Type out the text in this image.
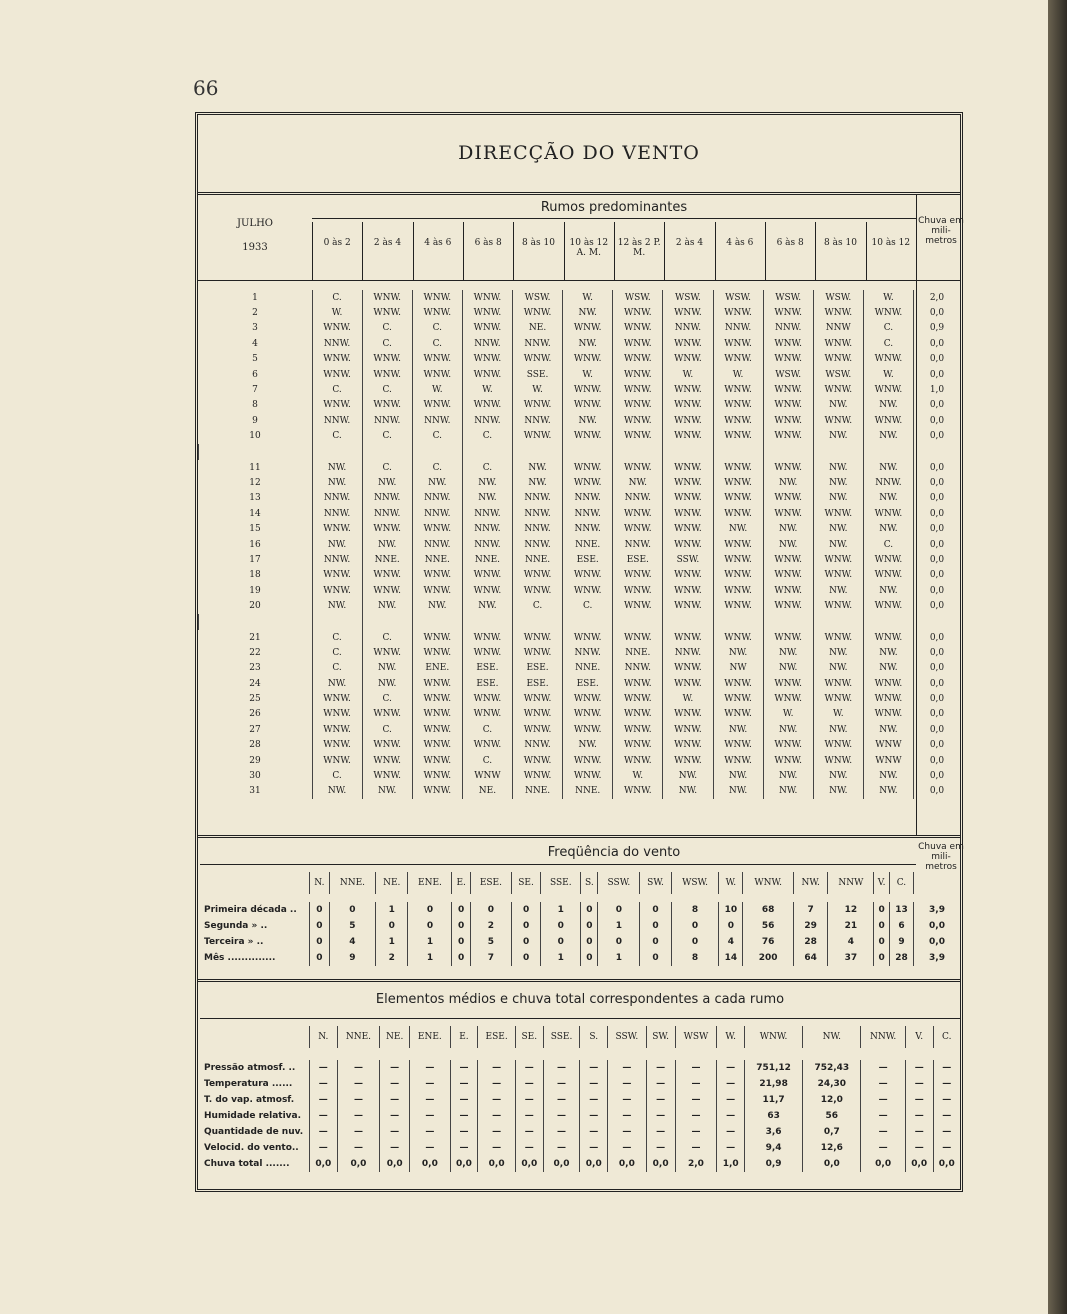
66
DIRECÇÃO DO VENTO
JULHO
1933
Rumos predominantes
Chuva em mili- metros
0 às 2	2 às 4	4 às 6	6 às 8	8 às 10	10 às 12 A. M.
12 às 2 P. M.
2 às 4	4 às 6	6 às 8	8 às 10	10 às 12
1	C.	WNW.	WNW.	WNW.	WSW.	W.	WSW.	WSW.	WSW.	WSW.	WSW.	W.	2,0
2	W.	WNW.	WNW.	WNW.	WNW.	NW.	WNW.	WNW.	WNW.	WNW.	WNW.	WNW.	0,0
3	WNW.	C.	C.	WNW.	NE.	WNW.	WNW.	NNW.	NNW.	NNW.	NNW	C.	0,9
4	NNW.	C.	C.	NNW.	NNW.	NW.	WNW.	WNW.	WNW.	WNW.	WNW.	C.	0,0
5	WNW.	WNW.	WNW.	WNW.	WNW.	WNW.	WNW.	WNW.	WNW.	WNW.	WNW.	WNW.	0,0
6	WNW.	WNW.	WNW.	WNW.	SSE.	W.	WNW.	W.	W.	WSW.	WSW.	W.	0,0
7	C.	C.	W.	W.	W.	WNW.	WNW.	WNW.	WNW.	WNW.	WNW.	WNW.	1,0
8	WNW.	WNW.	WNW.	WNW.	WNW.	WNW.	WNW.	WNW.	WNW.	WNW.	NW.	NW.	0,0
9	NNW.	NNW.	NNW.	NNW.	NNW.	NW.	WNW.	WNW.	WNW.	WNW.	WNW.	WNW.	0,0
10	C.	C.	C.	C.	WNW.	WNW.	WNW.	WNW.	WNW.	WNW.	NW.	NW.	0,0

11	NW.	C.	C.	C.	NW.	WNW.	WNW.	WNW.	WNW.	WNW.	NW.	NW.	0,0
12	NW.	NW.	NW.	NW.	NW.	WNW.	NW.	WNW.	WNW.	NW.	NW.	NNW.	0,0
13	NNW.	NNW.	NNW.	NW.	NNW.	NNW.	NNW.	WNW.	WNW.	WNW.	NW.	NW.	0,0
14	NNW.	NNW.	NNW.	NNW.	NNW.	NNW.	WNW.	WNW.	WNW.	WNW.	WNW.	WNW.	0,0
15	WNW.	WNW.	WNW.	NNW.	NNW.	NNW.	WNW.	WNW.	NW.	NW.	NW.	NW.	0,0
16	NW.	NW.	NNW.	NNW.	NNW.	NNE.	NNW.	WNW.	WNW.	NW.	NW.	C.	0,0
17	NNW.	NNE.	NNE.	NNE.	NNE.	ESE.	ESE.	SSW.	WNW.	WNW.	WNW.	WNW.	0,0
18	WNW.	WNW.	WNW.	WNW.	WNW.	WNW.	WNW.	WNW.	WNW.	WNW.	WNW.	WNW.	0,0
19	WNW.	WNW.	WNW.	WNW.	WNW.	WNW.	WNW.	WNW.	WNW.	WNW.	NW.	NW.	0,0
20	NW.	NW.	NW.	NW.	C.	C.	WNW.	WNW.	WNW.	WNW.	WNW.	WNW.	0,0

21	C.	C.	WNW.	WNW.	WNW.	WNW.	WNW.	WNW.	WNW.	WNW.	WNW.	WNW.	0,0
22	C.	WNW.	WNW.	WNW.	WNW.	NNW.	NNE.	NNW.	NW.	NW.	NW.	NW.	0,0
23	C.	NW.	ENE.	ESE.	ESE.	NNE.	NNW.	WNW.	NW	NW.	NW.	NW.	0,0
24	NW.	NW.	WNW.	ESE.	ESE.	ESE.	WNW.	WNW.	WNW.	WNW.	WNW.	WNW.	0,0
25	WNW.	C.	WNW.	WNW.	WNW.	WNW.	WNW.	W.	WNW.	WNW.	WNW.	WNW.	0,0
26	WNW.	WNW.	WNW.	WNW.	WNW.	WNW.	WNW.	WNW.	WNW.	W.	W.	WNW.	0,0
27	WNW.	C.	WNW.	C.	WNW.	WNW.	WNW.	WNW.	NW.	NW.	NW.	NW.	0,0
28	WNW.	WNW.	WNW.	WNW.	NNW.	NW.	WNW.	WNW.	WNW.	WNW.	WNW.	WNW	0,0
29	WNW.	WNW.	WNW.	C.	WNW.	WNW.	WNW.	WNW.	WNW.	WNW.	WNW.	WNW	0,0
30	C.	WNW.	WNW.	WNW	WNW.	WNW.	W.	NW.	NW.	NW.	NW.	NW.	0,0
31	NW.	NW.	WNW.	NE.	NNE.	NNE.	WNW.	NW.	NW.	NW.	NW.	NW.	0,0
Freqüência do vento	Chuva em mili- metros
	N.	NNE.	NE.	ENE.	E.	ESE.	SE.	SSE.	S.	SSW.	SW.	WSW.	W.	WNW.	NW.	NNW	V.	C.	

Primeira década ..	0	0	1	0	0	0	0	1	0	0	0	8	10	68	7	12	0	13	3,9
Segunda » ..	0	5	0	0	0	2	0	0	0	1	0	0	0	56	29	21	0	6	0,0
Terceira » ..	0	4	1	1	0	5	0	0	0	0	0	0	4	76	28	4	0	9	0,0
Mês ..............	0	9	2	1	0	7	0	1	0	1	0	8	14	200	64	37	0	28	3,9
Elementos médios e chuva total correspondentes a cada rumo
	N.	NNE.	NE.	ENE.	E.	ESE.	SE.	SSE.	S.	SSW.	SW.	WSW	W.	WNW.	NW.	NNW.	V.	C.

Pressão atmosf. ..	—	—	—	—	—	—	—	—	—	—	—	—	—	751,12	752,43	—	—	—
Temperatura ......	—	—	—	—	—	—	—	—	—	—	—	—	—	21,98	24,30	—	—	—
T. do vap. atmosf.	—	—	—	—	—	—	—	—	—	—	—	—	—	11,7	12,0	—	—	—
Humidade relativa.	—	—	—	—	—	—	—	—	—	—	—	—	—	63	56	—	—	—
Quantidade de nuv.	—	—	—	—	—	—	—	—	—	—	—	—	—	3,6	0,7	—	—	—
Velocid. do vento..	—	—	—	—	—	—	—	—	—	—	—	—	—	9,4	12,6	—	—	—
Chuva total .......	0,0	0,0	0,0	0,0	0,0	0,0	0,0	0,0	0,0	0,0	0,0	2,0	1,0	0,9	0,0	0,0	0,0	0,0
